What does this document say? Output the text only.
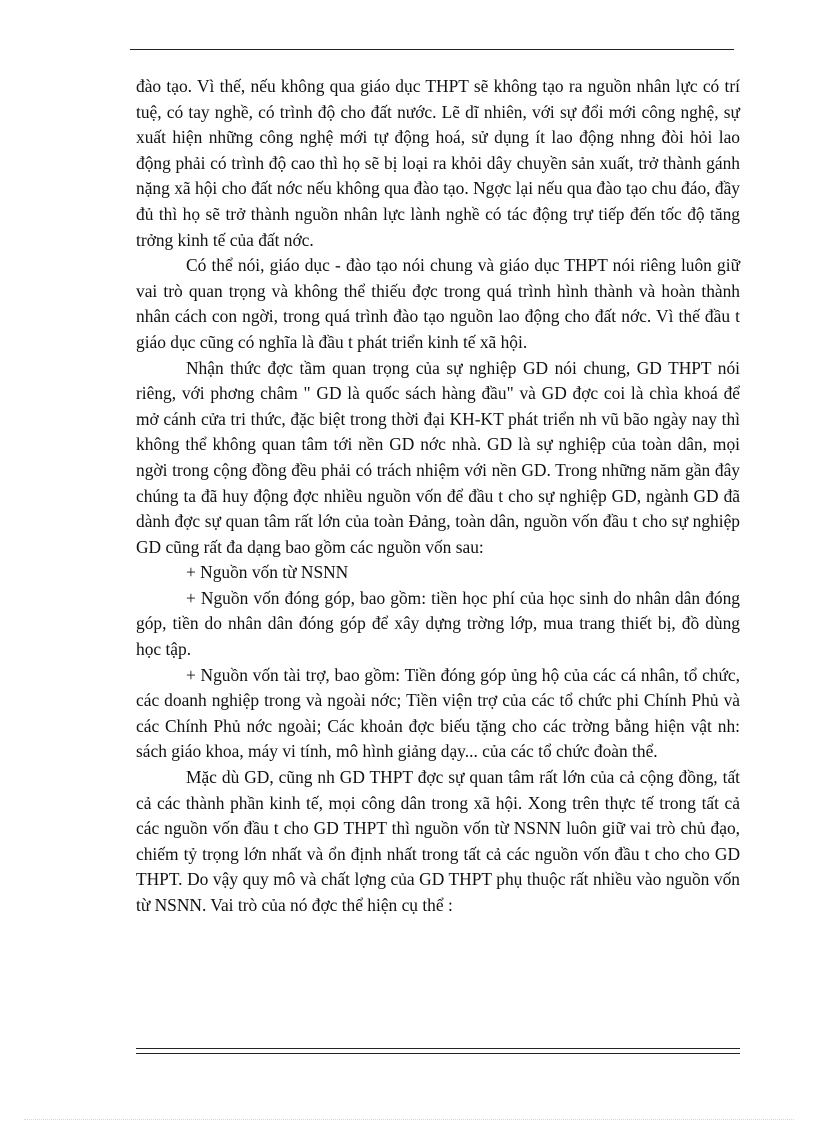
đào tạo. Vì thế, nếu không qua giáo dục THPT sẽ không tạo ra nguồn nhân lực có trí tuệ, có tay nghề, có trình độ cho đất nước. Lẽ dĩ nhiên, với sự đổi mới công nghệ, sự xuất hiện những công nghệ mới tự động hoá, sử dụng ít lao động nhng đòi hỏi lao động phải có trình độ cao thì họ sẽ bị loại ra khỏi dây chuyền sản xuất, trở thành gánh nặng xã hội cho đất nớc nếu không qua đào tạo. Ngợc lại nếu qua đào tạo chu đáo, đầy đủ thì họ sẽ trở thành nguồn nhân lực lành nghề có tác động trự tiếp đến tốc độ tăng trởng kinh tế của đất nớc.

Có thể nói, giáo dục - đào tạo nói chung và giáo dục THPT nói riêng luôn giữ vai trò quan trọng và không thể thiếu đợc trong quá trình hình thành và hoàn thành nhân cách con ngời, trong quá trình đào tạo nguồn lao động cho đất nớc. Vì thế đầu t giáo dục cũng có nghĩa là đầu t phát triển kinh tế xã hội.

Nhận thức đợc tầm quan trọng của sự nghiệp GD nói chung, GD THPT nói riêng, với phơng châm " GD là quốc sách hàng đầu" và GD đợc coi là chìa khoá để mở cánh cửa tri thức, đặc biệt trong thời đại KH-KT phát triển nh vũ bão ngày nay thì không thể không quan tâm tới nền GD nớc nhà. GD là sự nghiệp của toàn dân, mọi ngời trong cộng đồng đều phải có trách nhiệm với nền GD. Trong những năm gần đây chúng ta đã huy động đợc nhiều nguồn vốn để đầu t cho sự nghiệp GD, ngành GD đã dành đợc sự quan tâm rất lớn của toàn Đảng, toàn dân, nguồn vốn đầu t cho sự nghiệp GD cũng rất đa dạng bao gồm các nguồn vốn sau:

+ Nguồn vốn từ NSNN

+ Nguồn vốn đóng góp, bao gồm: tiền học phí của học sinh do nhân dân đóng góp, tiền do nhân dân đóng góp để xây dựng trờng lớp, mua trang thiết bị, đồ dùng học tập.

+ Nguồn vốn tài trợ, bao gồm: Tiền đóng góp ủng hộ của các cá nhân, tổ chức, các doanh nghiệp trong và ngoài nớc; Tiền viện trợ của các tổ chức phi Chính Phủ và các Chính Phủ nớc ngoài; Các khoản đợc biếu tặng cho các trờng bằng hiện vật nh: sách giáo khoa, máy vi tính, mô hình giảng dạy... của các tổ chức đoàn thể.

Mặc dù GD, cũng nh GD THPT đợc sự quan tâm rất lớn của cả cộng đồng, tất cả các thành phần kinh tế, mọi công dân trong xã hội. Xong trên thực tế trong tất cả các nguồn vốn đầu t cho GD THPT thì nguồn vốn từ NSNN luôn giữ vai trò chủ đạo, chiếm tỷ trọng lớn nhất và ổn định nhất trong tất cả các nguồn vốn đầu t cho cho GD THPT. Do vậy quy mô và chất lợng của GD THPT phụ thuộc rất nhiều vào nguồn vốn từ NSNN. Vai trò của nó đợc thể hiện cụ thể :
